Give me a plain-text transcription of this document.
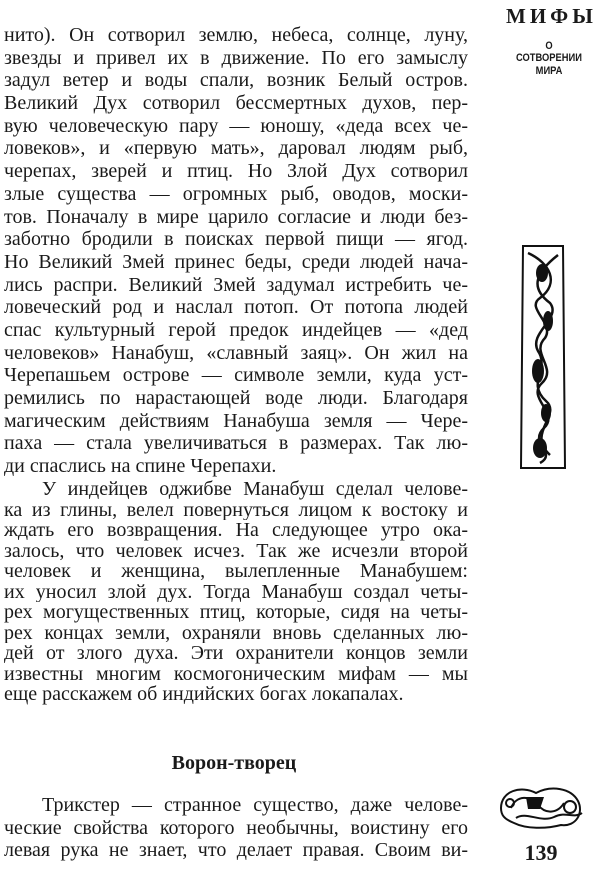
МИФЫ
О СОТВОРЕНИИ
МИРА
нито). Он сотворил землю, небеса, солнце, луну,
звезды и привел их в движение. По его замыслу
задул ветер и воды спали, возник Белый остров.
Великий Дух сотворил бессмертных духов, пер-
вую человеческую пару — юношу, «деда всех че-
ловеков», и «первую мать», даровал людям рыб,
черепах, зверей и птиц. Но Злой Дух сотворил
злые существа — огромных рыб, оводов, моски-
тов. Поначалу в мире царило согласие и люди без-
заботно бродили в поисках первой пищи — ягод.
Но Великий Змей принес беды, среди людей нача-
лись распри. Великий Змей задумал истребить че-
ловеческий род и наслал потоп. От потопа людей
спас культурный герой предок индейцев — «дед
человеков» Нанабуш, «славный заяц». Он жил на
Черепашьем острове — символе земли, куда уст-
ремились по нарастающей воде люди. Благодаря
магическим действиям Нанабуша земля — Чере-
паха — стала увеличиваться в размерах. Так лю-
ди спаслись на спине Черепахи.
У индейцев оджибве Манабуш сделал челове-
ка из глины, велел повернуться лицом к востоку и
ждать его возвращения. На следующее утро ока-
залось, что человек исчез. Так же исчезли второй
человек и женщина, вылепленные Манабушем:
их уносил злой дух. Тогда Манабуш создал четы-
рех могущественных птиц, которые, сидя на четы-
рех концах земли, охраняли вновь сделанных лю-
дей от злого духа. Эти охранители концов земли
известны многим космогоническим мифам — мы
еще расскажем об индийских богах локапалах.
Ворон-творец
Трикстер — странное существо, даже челове-
ческие свойства которого необычны, воистину его
левая рука не знает, что делает правая. Своим ви-	139
